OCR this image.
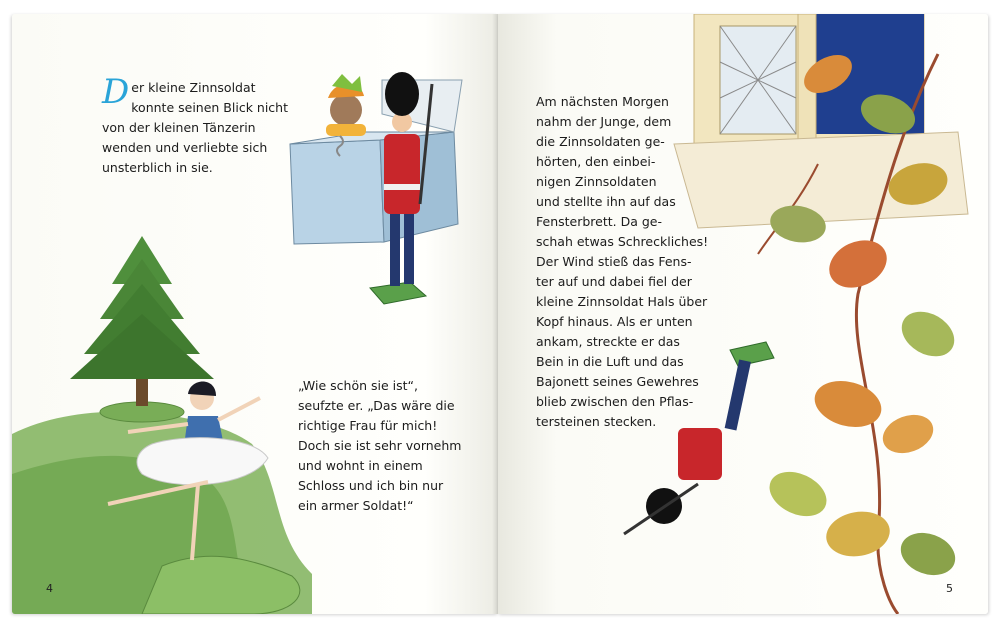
Der kleine Zinnsoldat
konnte seinen Blick nicht
von der kleinen Tänzerin
wenden und verliebte sich
unsterblich in sie.
„Wie schön sie ist“,
seufzte er. „Das wäre die
richtige Frau für mich!
Doch sie ist sehr vornehm
und wohnt in einem
Schloss und ich bin nur
ein armer Soldat!“
4
Am nächsten Morgen
nahm der Junge, dem
die Zinnsoldaten ge-
hörten, den einbei-
nigen Zinnsoldaten
und stellte ihn auf das
Fensterbrett. Da ge-
schah etwas Schreckliches!
Der Wind stieß das Fens-
ter auf und dabei fiel der
kleine Zinnsoldat Hals über
Kopf hinaus. Als er unten
ankam, streckte er das
Bein in die Luft und das
Bajonett seines Gewehres
blieb zwischen den Pflas-
tersteinen stecken.
5
